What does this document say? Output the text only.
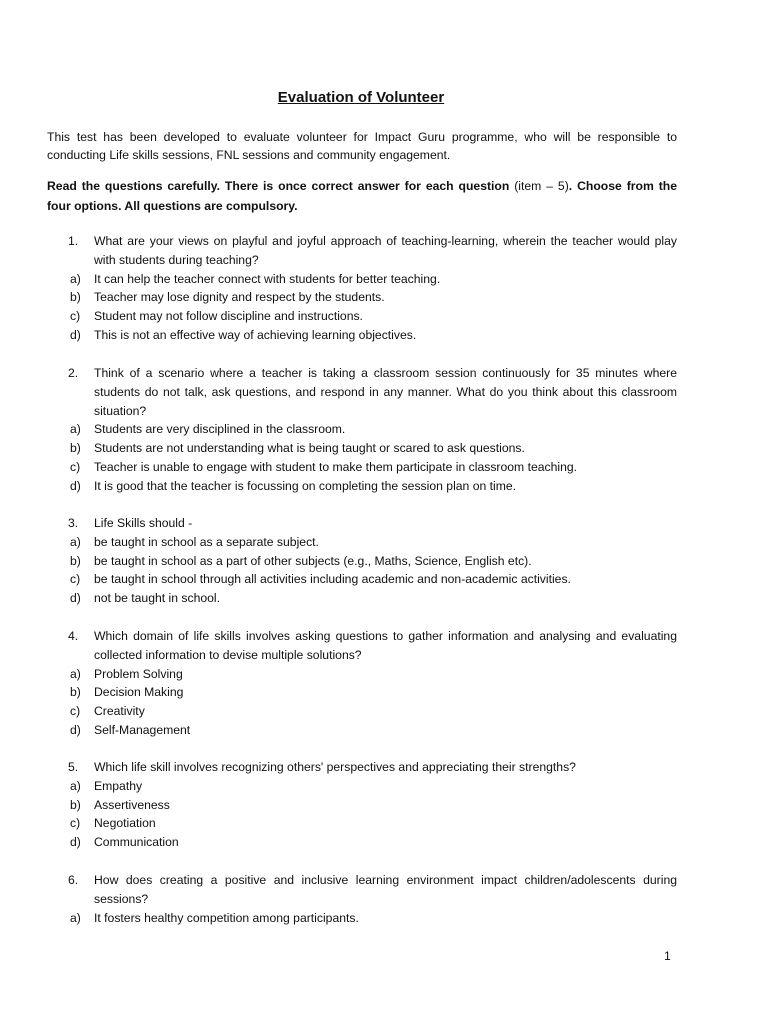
Evaluation of Volunteer

This test has been developed to evaluate volunteer for Impact Guru programme, who will be responsible to conducting Life skills sessions, FNL sessions and community engagement.

Read the questions carefully. There is once correct answer for each question (item – 5). Choose from the four options. All questions are compulsory.

1.	What are your views on playful and joyful approach of teaching-learning, wherein the teacher would play with students during teaching?
a)	It can help the teacher connect with students for better teaching.
b)	Teacher may lose dignity and respect by the students.
c)	Student may not follow discipline and instructions.
d)	This is not an effective way of achieving learning objectives.
2.	Think of a scenario where a teacher is taking a classroom session continuously for 35 minutes where students do not talk, ask questions, and respond in any manner. What do you think about this classroom situation?
a)	Students are very disciplined in the classroom.
b)	Students are not understanding what is being taught or scared to ask questions.
c)	Teacher is unable to engage with student to make them participate in classroom teaching.
d)	It is good that the teacher is focussing on completing the session plan on time.
3.	Life Skills should -
a)	be taught in school as a separate subject.
b)	be taught in school as a part of other subjects (e.g., Maths, Science, English etc).
c)	be taught in school through all activities including academic and non-academic activities.
d)	not be taught in school.
4.	Which domain of life skills involves asking questions to gather information and analysing and evaluating collected information to devise multiple solutions?
a)	Problem Solving
b)	Decision Making
c)	Creativity
d)	Self-Management
5.	Which life skill involves recognizing others' perspectives and appreciating their strengths?
a)	Empathy
b)	Assertiveness
c)	Negotiation
d)	Communication
6.	How does creating a positive and inclusive learning environment impact children/adolescents during sessions?
a)	It fosters healthy competition among participants.

1
